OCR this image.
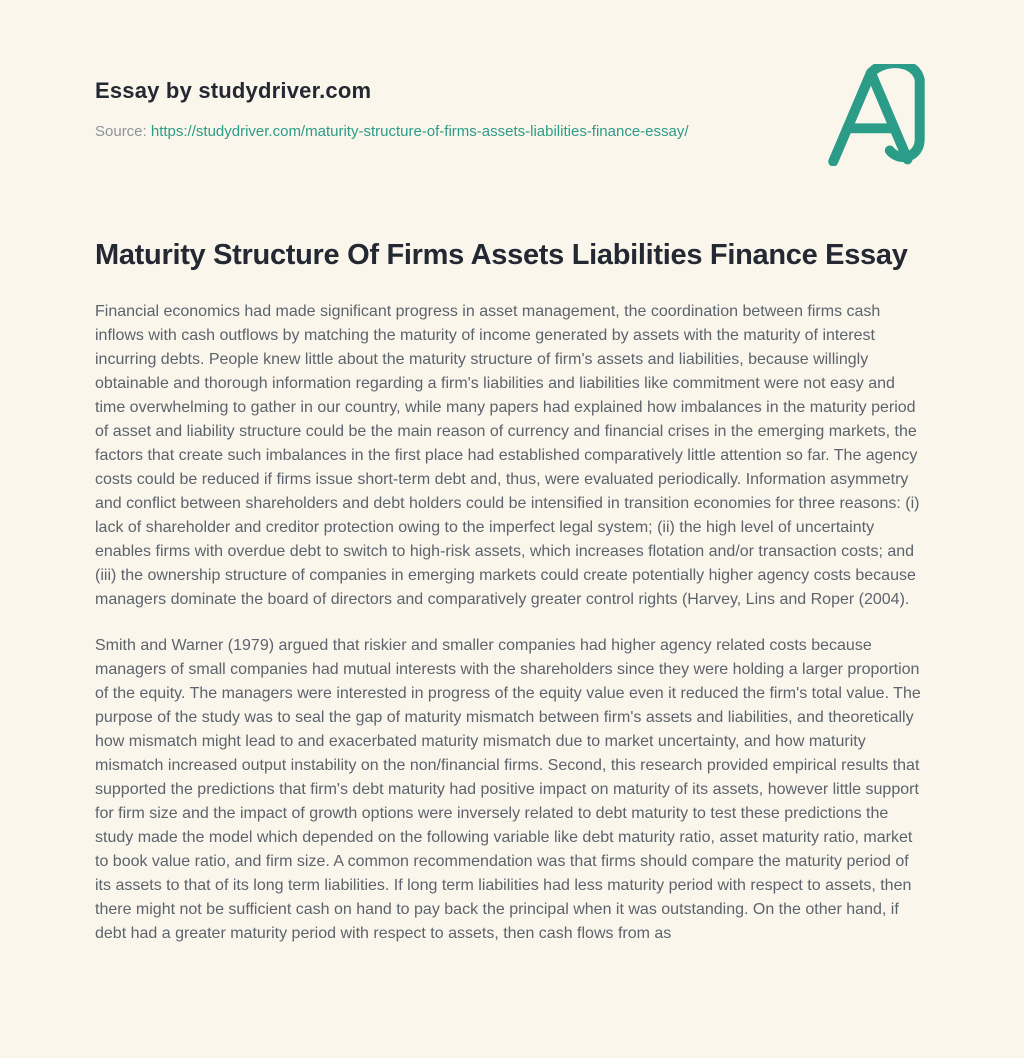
Essay by studydriver.com

Source: https://studydriver.com/maturity-structure-of-firms-assets-liabilities-finance-essay/

Maturity Structure Of Firms Assets Liabilities Finance Essay

Financial economics had made significant progress in asset management, the coordination between firms cash inflows with cash outflows by matching the maturity of income generated by assets with the maturity of interest incurring debts. People knew little about the maturity structure of firm's assets and liabilities, because willingly obtainable and thorough information regarding a firm's liabilities and liabilities like commitment were not easy and time overwhelming to gather in our country, while many papers had explained how imbalances in the maturity period of asset and liability structure could be the main reason of currency and financial crises in the emerging markets, the factors that create such imbalances in the first place had established comparatively little attention so far. The agency costs could be reduced if firms issue short-term debt and, thus, were evaluated periodically. Information asymmetry and conflict between shareholders and debt holders could be intensified in transition economies for three reasons: (i) lack of shareholder and creditor protection owing to the imperfect legal system; (ii) the high level of uncertainty enables firms with overdue debt to switch to high-risk assets, which increases flotation and/or transaction costs; and (iii) the ownership structure of companies in emerging markets could create potentially higher agency costs because managers dominate the board of directors and comparatively greater control rights (Harvey, Lins and Roper (2004).

Smith and Warner (1979) argued that riskier and smaller companies had higher agency related costs because managers of small companies had mutual interests with the shareholders since they were holding a larger proportion of the equity. The managers were interested in progress of the equity value even it reduced the firm's total value. The purpose of the study was to seal the gap of maturity mismatch between firm's assets and liabilities, and theoretically how mismatch might lead to and exacerbated maturity mismatch due to market uncertainty, and how maturity mismatch increased output instability on the non/financial firms. Second, this research provided empirical results that supported the predictions that firm's debt maturity had positive impact on maturity of its assets, however little support for firm size and the impact of growth options were inversely related to debt maturity to test these predictions the study made the model which depended on the following variable like debt maturity ratio, asset maturity ratio, market to book value ratio, and firm size. A common recommendation was that firms should compare the maturity period of its assets to that of its long term liabilities. If long term liabilities had less maturity period with respect to assets, then there might not be sufficient cash on hand to pay back the principal when it was outstanding. On the other hand, if debt had a greater maturity period with respect to assets, then cash flows from as
